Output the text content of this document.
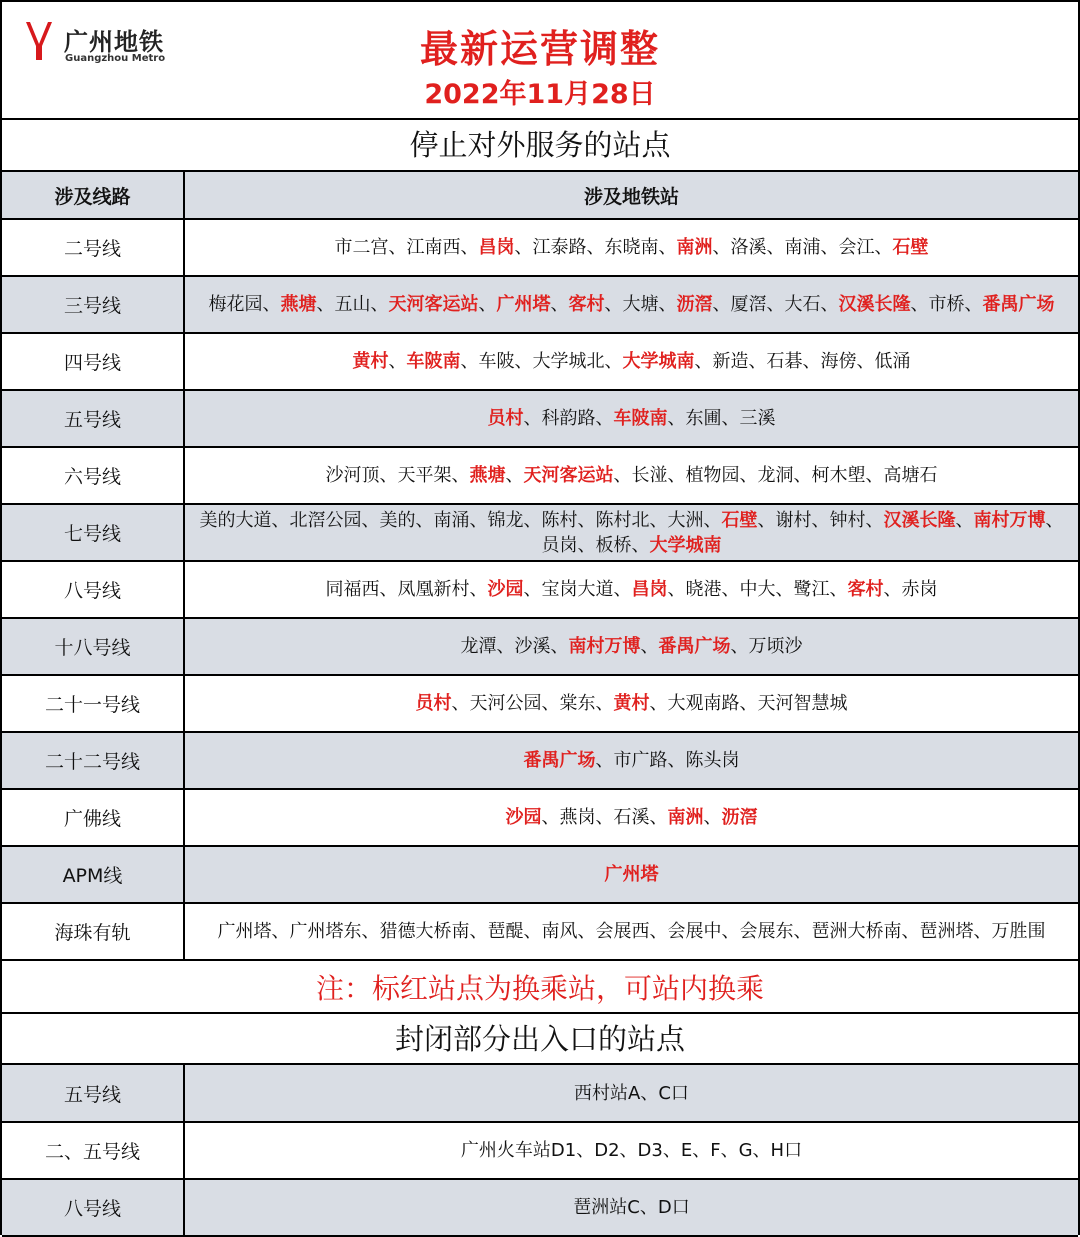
广州地铁
Guangzhou Metro	最新运营调整
2022年11月28日
停止对外服务的站点
涉及线路	涉及地铁站
二号线	市二宫、江南西、昌岗、江泰路、东晓南、南洲、洛溪、南浦、会江、石壁
三号线	梅花园、燕塘、五山、天河客运站、广州塔、客村、大塘、沥滘、厦滘、大石、汉溪长隆、市桥、番禺广场
四号线	黄村、车陂南、车陂、大学城北、大学城南、新造、石碁、海傍、低涌
五号线	员村、科韵路、车陂南、东圃、三溪
六号线	沙河顶、天平架、燕塘、天河客运站、长湴、植物园、龙洞、柯木塱、高塘石
七号线	美的大道、北滘公园、美的、南涌、锦龙、陈村、陈村北、大洲、石壁、谢村、钟村、汉溪长隆、南村万博、员岗、板桥、大学城南
八号线	同福西、凤凰新村、沙园、宝岗大道、昌岗、晓港、中大、鹭江、客村、赤岗
十八号线	龙潭、沙溪、南村万博、番禺广场、万顷沙
二十一号线	员村、天河公园、棠东、黄村、大观南路、天河智慧城
二十二号线	番禺广场、市广路、陈头岗
广佛线	沙园、燕岗、石溪、南洲、沥滘
APM线	广州塔
海珠有轨	广州塔、广州塔东、猎德大桥南、琶醍、南风、会展西、会展中、会展东、琶洲大桥南、琶洲塔、万胜围
注：标红站点为换乘站，可站内换乘
封闭部分出入口的站点
五号线	西村站A、C口
二、五号线	广州火车站D1、D2、D3、E、F、G、H口
八号线	琶洲站C、D口
